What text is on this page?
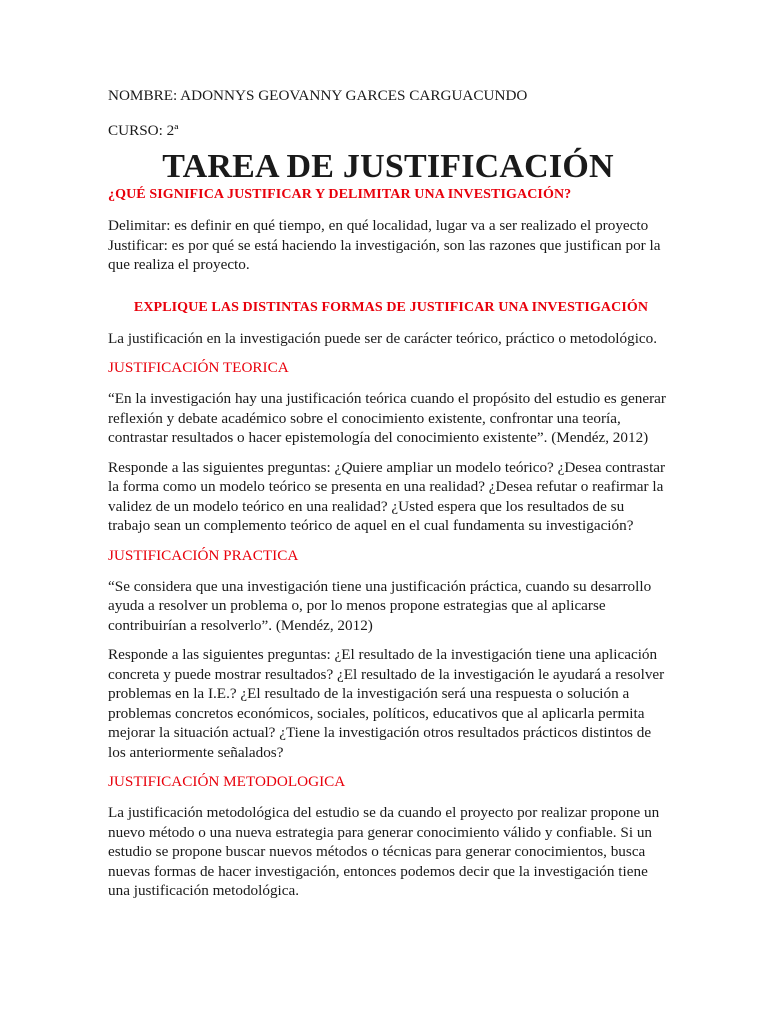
NOMBRE: ADONNYS GEOVANNY GARCES CARGUACUNDO

CURSO: 2ª

TAREA DE JUSTIFICACIÓN

¿QUÉ SIGNIFICA JUSTIFICAR Y DELIMITAR UNA INVESTIGACIÓN?

Delimitar: es definir en qué tiempo, en qué localidad, lugar va a ser realizado el proyecto Justificar: es por qué se está haciendo la investigación, son las razones que justifican por la que realiza el proyecto.

EXPLIQUE LAS DISTINTAS FORMAS DE JUSTIFICAR UNA INVESTIGACIÓN

La justificación en la investigación puede ser de carácter teórico, práctico o metodológico.

JUSTIFICACIÓN TEORICA

“En la investigación hay una justificación teórica cuando el propósito del estudio es generar reflexión y debate académico sobre el conocimiento existente, confrontar una teoría, contrastar resultados o hacer epistemología del conocimiento existente”. (Mendéz, 2012)

Responde a las siguientes preguntas: ¿Quiere ampliar un modelo teórico? ¿Desea contrastar la forma como un modelo teórico se presenta en una realidad? ¿Desea refutar o reafirmar la validez de un modelo teórico en una realidad? ¿Usted espera que los resultados de su trabajo sean un complemento teórico de aquel en el cual fundamenta su investigación?

JUSTIFICACIÓN PRACTICA

“Se considera que una investigación tiene una justificación práctica, cuando su desarrollo ayuda a resolver un problema o, por lo menos propone estrategias que al aplicarse contribuirían a resolverlo”. (Mendéz, 2012)

Responde a las siguientes preguntas: ¿El resultado de la investigación tiene una aplicación concreta y puede mostrar resultados? ¿El resultado de la investigación le ayudará a resolver problemas en la I.E.? ¿El resultado de la investigación será una respuesta o solución a problemas concretos económicos, sociales, políticos, educativos que al aplicarla permita mejorar la situación actual? ¿Tiene la investigación otros resultados prácticos distintos de los anteriormente señalados?

JUSTIFICACIÓN METODOLOGICA

La justificación metodológica del estudio se da cuando el proyecto por realizar propone un nuevo método o una nueva estrategia para generar conocimiento válido y confiable. Si un estudio se propone buscar nuevos métodos o técnicas para generar conocimientos, busca nuevas formas de hacer investigación, entonces podemos decir que la investigación tiene una justificación metodológica.
